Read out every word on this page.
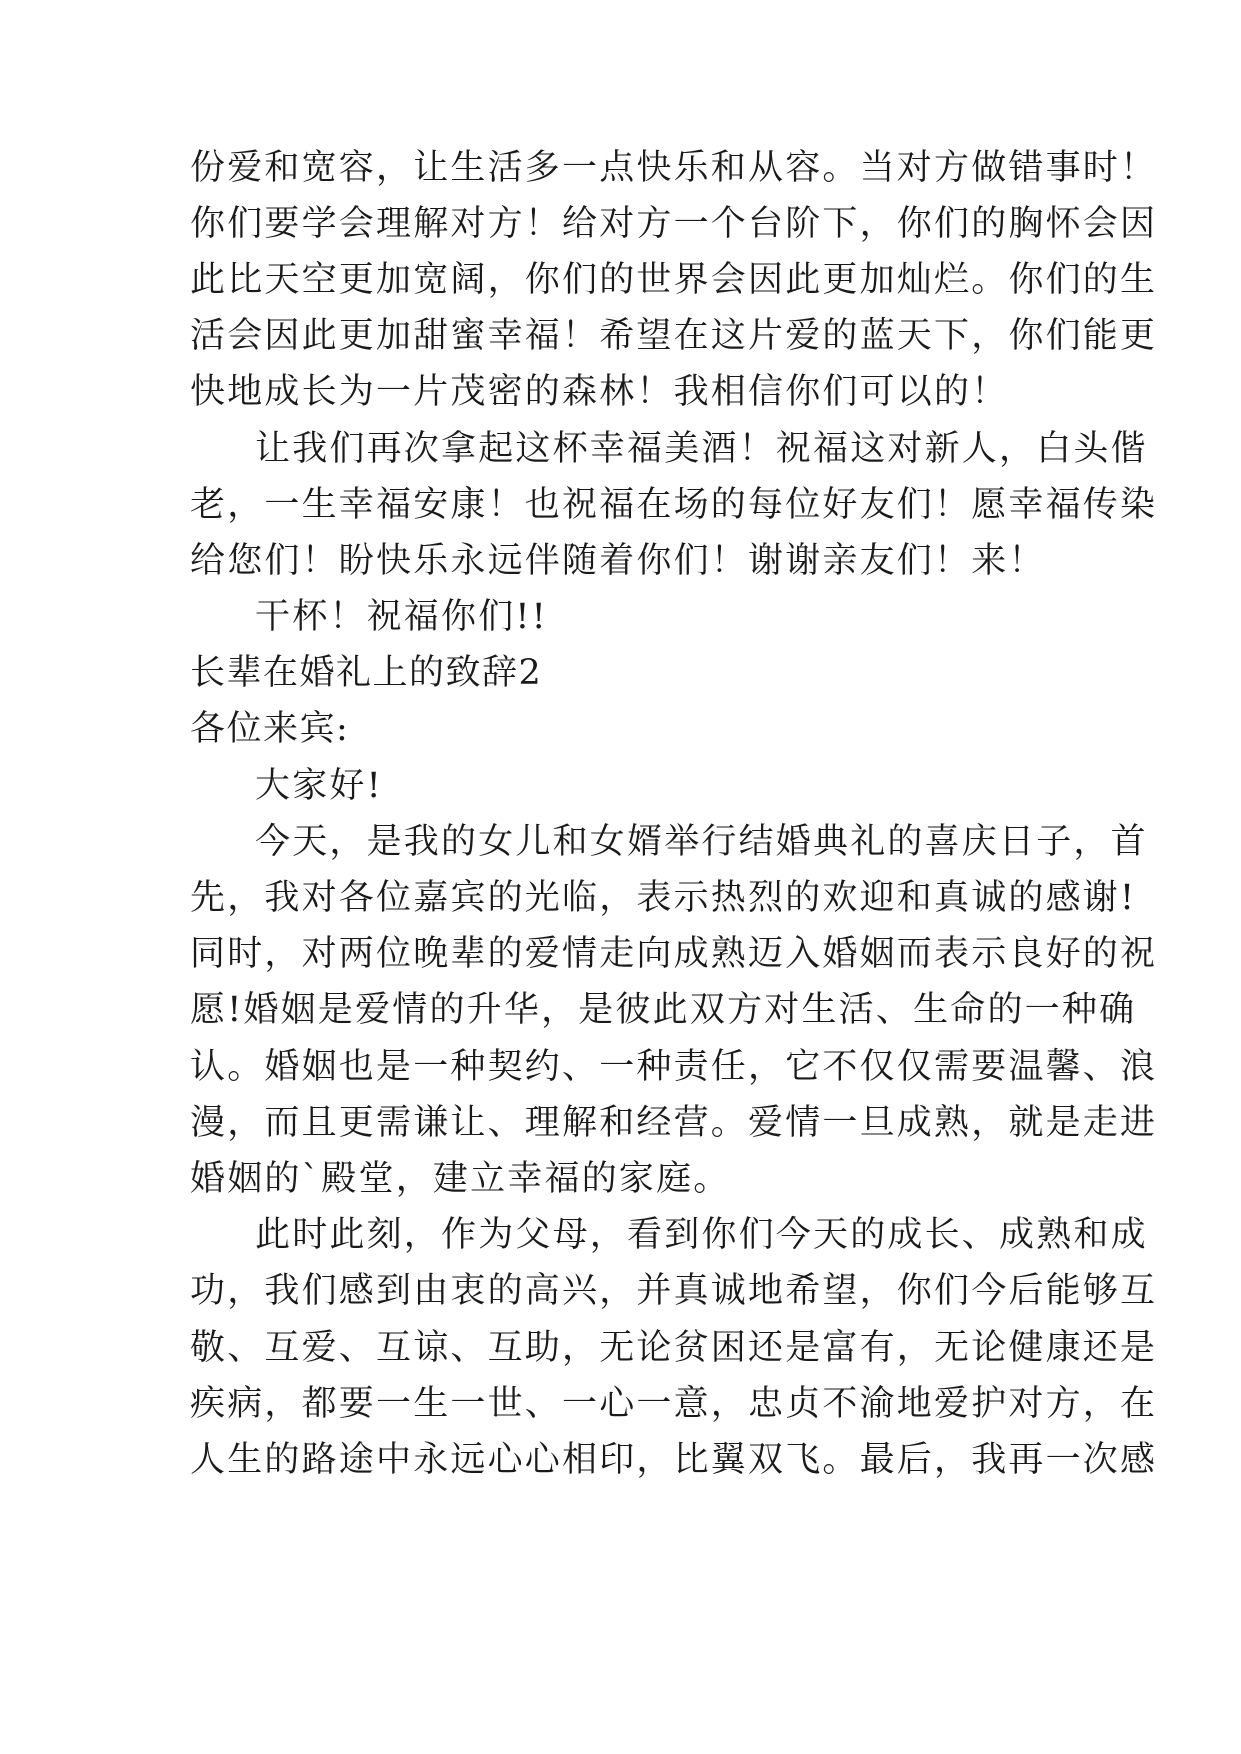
份爱和宽容，让生活多一点快乐和从容。当对方做错事时！
你们要学会理解对方！给对方一个台阶下，你们的胸怀会因
此比天空更加宽阔，你们的世界会因此更加灿烂。你们的生
活会因此更加甜蜜幸福！希望在这片爱的蓝天下，你们能更
快地成长为一片茂密的森林！我相信你们可以的！
让我们再次拿起这杯幸福美酒！祝福这对新人，白头偕
老，一生幸福安康！也祝福在场的每位好友们！愿幸福传染
给您们！盼快乐永远伴随着你们！谢谢亲友们！来！
干杯！祝福你们!!
长辈在婚礼上的致辞2
各位来宾:
大家好!
今天，是我的女儿和女婿举行结婚典礼的喜庆日子，首
先，我对各位嘉宾的光临，表示热烈的欢迎和真诚的感谢!
同时，对两位晚辈的爱情走向成熟迈入婚姻而表示良好的祝
愿!婚姻是爱情的升华，是彼此双方对生活、生命的一种确
认。婚姻也是一种契约、一种责任，它不仅仅需要温馨、浪
漫，而且更需谦让、理解和经营。爱情一旦成熟，就是走进
婚姻的`殿堂，建立幸福的家庭。
此时此刻，作为父母，看到你们今天的成长、成熟和成
功，我们感到由衷的高兴，并真诚地希望，你们今后能够互
敬、互爱、互谅、互助，无论贫困还是富有，无论健康还是
疾病，都要一生一世、一心一意，忠贞不渝地爱护对方，在
人生的路途中永远心心相印，比翼双飞。最后，我再一次感
